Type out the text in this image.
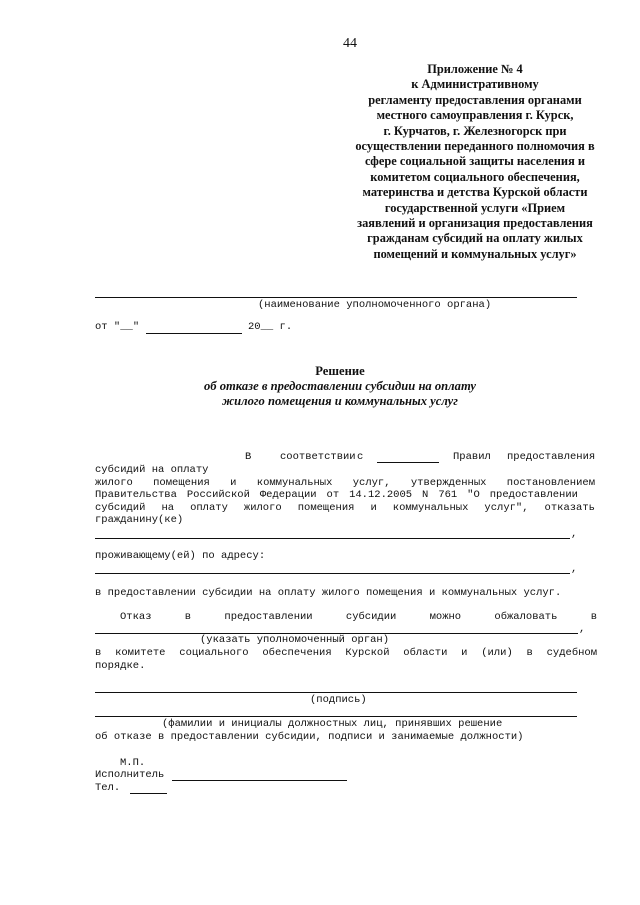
44
Приложение № 4
к Административному
регламенту предоставления органами
местного самоуправления г. Курск,
г. Курчатов, г. Железногорск при
осуществлении переданного полномочия в
сфере социальной защиты населения и
комитетом социального обеспечения,
материнства и детства Курской области
государственной услуги «Прием
заявлений и организация предоставления
гражданам субсидий на оплату жилых
помещений и коммунальных услуг»
(наименование уполномоченного органа)
от "__"	20__ г.
Решение
об отказе в предоставлении субсидии на оплату
жилого помещения и коммунальных услуг
В	соответствии с	Правил предоставления
субсидий на оплату
жилого помещения и коммунальных услуг, утвержденных постановлением
Правительства Российской Федерации от 14.12.2005 N 761 "О предоставлении
субсидий на оплату жилого помещения и коммунальных услуг", отказать
гражданину(ке)
,
проживающему(ей) по адресу:
,
в предоставлении субсидии на оплату жилого помещения и коммунальных услуг.
Отказ	в	предоставлении	субсидии	можно	обжаловать	в
,
(указать уполномоченный орган)
в комитете социального обеспечения Курской области и (или) в судебном
порядке.
(подпись)
(фамилии и инициалы должностных лиц, принявших решение
об отказе в предоставлении субсидии, подписи и занимаемые должности)
М.П.
Исполнитель
Тел.
